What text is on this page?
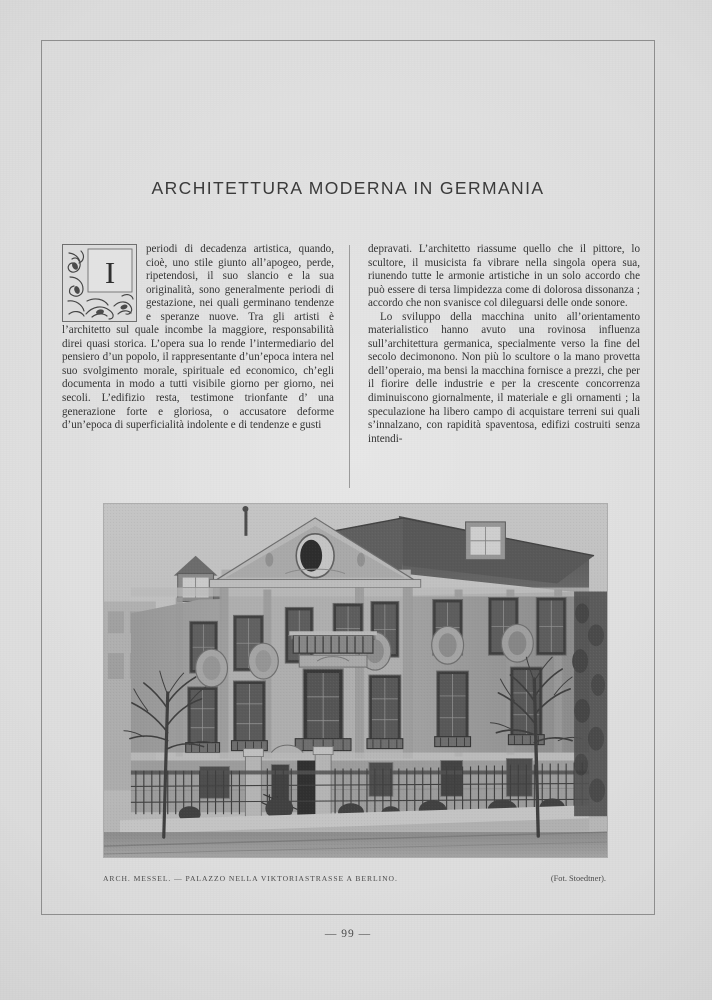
ARCHITETTURA MODERNA IN GERMANIA
I

periodi di decadenza artistica, quando, cioè, uno stile giunto all’apogeo, perde, ripetendosi, il suo slancio e la sua originalità, sono generalmente periodi di gestazione, nei quali germinano tendenze e speranze nuove. Tra gli artisti è l’architetto sul quale incombe la maggiore, responsabilità direi quasi storica. L’opera sua lo rende l’intermediario del pensiero d’un popolo, il rappresentante d’un’epoca intera nel suo svolgimento morale, spirituale ed economico, ch’egli documenta in modo a tutti visibile giorno per giorno, nei secoli. L’edifizio resta, testimone trionfante d’ una generazione forte e gloriosa, o accusatore deforme d’un’epoca di superficialità indolente e di tendenze e gusti

depravati. L’architetto riassume quello che il pittore, lo scultore, il musicista fa vibrare nella singola opera sua, riunendo tutte le armonie artistiche in un solo accordo che può essere di tersa limpidezza come di dolorosa dissonanza ; accordo che non svanisce col dileguarsi delle onde sonore.

Lo sviluppo della macchina unito all’orientamento materialistico hanno avuto una rovinosa influenza sull’architettura germanica, specialmente verso la fine del secolo decimonono. Non più lo scultore o la mano provetta dell’operaio, ma bensi la macchina fornisce a prezzi, che per il fiorire delle industrie e per la crescente concorrenza diminuiscono giornalmente, il materiale e gli ornamenti ; la speculazione ha libero campo di acquistare terreni sui quali s’innalzano, con rapidità spaventosa, edifizi costruiti senza intendi-

ARCH. MESSEL. — PALAZZO NELLA VIKTORIASTRASSE A BERLINO.	(Fot. Stoedtner).
— 99 —
